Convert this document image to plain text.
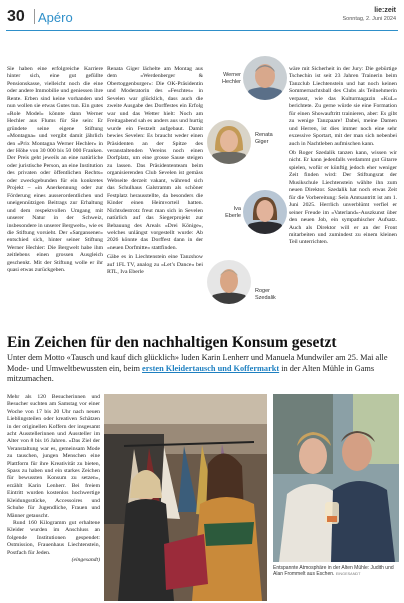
30 Apéro	lie:zeit
Sonntag, 2. Juni 2024

Sie haben eine erfolgreiche Karriere hinter sich, eine gut gefüllte Pensionskasse, vielleicht noch die eine oder andere Immobilie und geniessen ihre Rente. Erben sind keine vorhanden und nun wollen sie etwas Gutes tun. Ein gutes «Role Model» könnte dann Werner Hechler aus Flums für Sie sein: Er gründete seine eigene Stiftung «Montagna» und vergibt damit jährlich den «Prix Montagna Werner Hechler» in der Höhe von 30 000 bis 50 000 Franken. Der Preis geht jeweils an eine natürliche oder juristische Person, an eine Institution des privaten oder öffentlichen Rechts» oder zweckgebunden für ein konkretes Projekt – «in Anerkennung oder zur Förderung eines ausserordentlichen und uneigennützigen Beitrags zur Erhaltung und dem respektvollen Umgang mit unserer Natur in der Schweiz, insbesondere in unserer Bergwelt», wie es die Stiftung vorsieht. Der «Sargansener» entschied sich, hinter seiner Stiftung Werner Hechler: Die Bergwelt habe ihm zeitlebens einen grossen Ausgleich geschenkt. Mit der Stiftung wolle er ihr quasi etwas zurückgeben.

Renata Giger lächelte am Montag aus dem «Werdenberger & Obertoggenburger»: Die OK-Präsidentin und Moderatorin des «Feschtes» in Sevelen war glücklich, dass auch die zweite Ausgabe des Dorffestes ein Erfolg war und das Wetter hielt: Noch am Freitagabend sah es anders aus und hurtig wurde ein Festzelt aufgebaut. Damit bewies Sevelen: Es braucht weder einen Präsidenten an der Spitze des veranstaltenden Vereins noch einen Dorfplatz, um eine grosse Sause steigen zu lassen. Das Präsidententeam beim organisierenden Club Sevelen ist gemäss Webseite derzeit vakant, während sich das Schulhaus Galstramm als schöner Festplatz herausstellte, da besonders die Kinder einen Heimvorteil hatten. Nichtsdestrotz freut man sich in Sevelen natürlich auf das Siegerprojekt zur Bebauung des Areals «Drei Könige», welches unlängst vorgestellt wurde: Ab 2026 könnte das Dorffest dann in der «neuen Dorfmitte» stattfinden.

Gäbe es in Liechtenstein eine Tanzshow auf 1FL TV, analog zu «Let’s Dance» bei RTL, Iva Eberle

Werner
Hechler
Renata
Giger
Iva
Eberle
Roger
Szedalik

wäre mit Sicherheit in der Jury: Die gebürtige Tschechin ist seit 23 Jahren Trainerin beim Tanzclub Liechtenstein und hat noch keinen Sommernachtsball des Clubs als Teilnehmerin verpasst, wie das Kulturmagazin «KuL» berichtete. Zu gerne würde sie eine Formation für einen Showauftritt trainieren, aber: Es gibt zu wenige Tanzpaare! Dabei, meine Damen und Herren, ist dies immer noch eine sehr exzessive Sportart, mit der man sich nebenbei auch in Nachtleben aufmischen kann.

Ob Roger Szedalik tanzen kann, wissen wir nicht. Er kann jedenfalls verdammt gut Gitarre spielen, wofür er künftig jedoch eher weniger Zeit finden wird: Der Stiftungsrat der Musikschule Liechtenstein wählte ihn zum neuen Direktor. Szedalik hat noch etwas Zeit für die Vorbereitung: Sein Amtsantritt ist am 1. Juni 2025. Herrlich unverblümt verfiel er seiner Freude im «Vaterland»-Auszkunst über den neuen Job, ein sympathischer Aufsatz. Auch als Direktor will er an der Front mitarbeiten und zumindest zu einem kleinen Teil unterrichten.

Ein Zeichen für den nachhaltigen Konsum gesetzt

Unter dem Motto «Tausch und kauf dich glücklich» luden Karin Lenherr und Manuela Mundwiler am 25. Mai alle Mode- und Umweltbewussten ein, beim ersten Kleidertausch und Koffermarkt in der Alten Mühle in Gams mitzumachen.

Mehr als 120 Besucherinnen und Besucher suchten am Samstag vor einer Woche von 17 bis 20 Uhr nach neuen Lieblingsteilen oder kreativen Schätzen in der originellen Koffern der insgesamt acht Ausstellerinnen und Aussteller im Alter von 8 bis 16 Jahren. «Das Ziel der Veranstaltung war es, gemeinsam Mode zu tauschen, jungen Menschen eine Plattform für ihre Kreativität zu bieten, Spass zu haben und ein starkes Zeichen für bewussten Konsum zu setzen», erzählt Karin Lenherr. Bei freiem Eintritt wurden kostenlos hochwertige Kleidungsstücke, Accessoires und Schuhe für Jugendliche, Frauen und Männer getauscht.

Rund 160 Kilogramm gut erhaltene Kleider wurden im Anschluss an folgende Institutionen gespendet: Ostmission, Frauenhaus Liechtenstein, Postfach für Jeden.

(eingesandt)

Entspannte Atmosphäre in der Alten Mühle: Judith und Alan Frommelt aus Eschen. EINGESANDT
